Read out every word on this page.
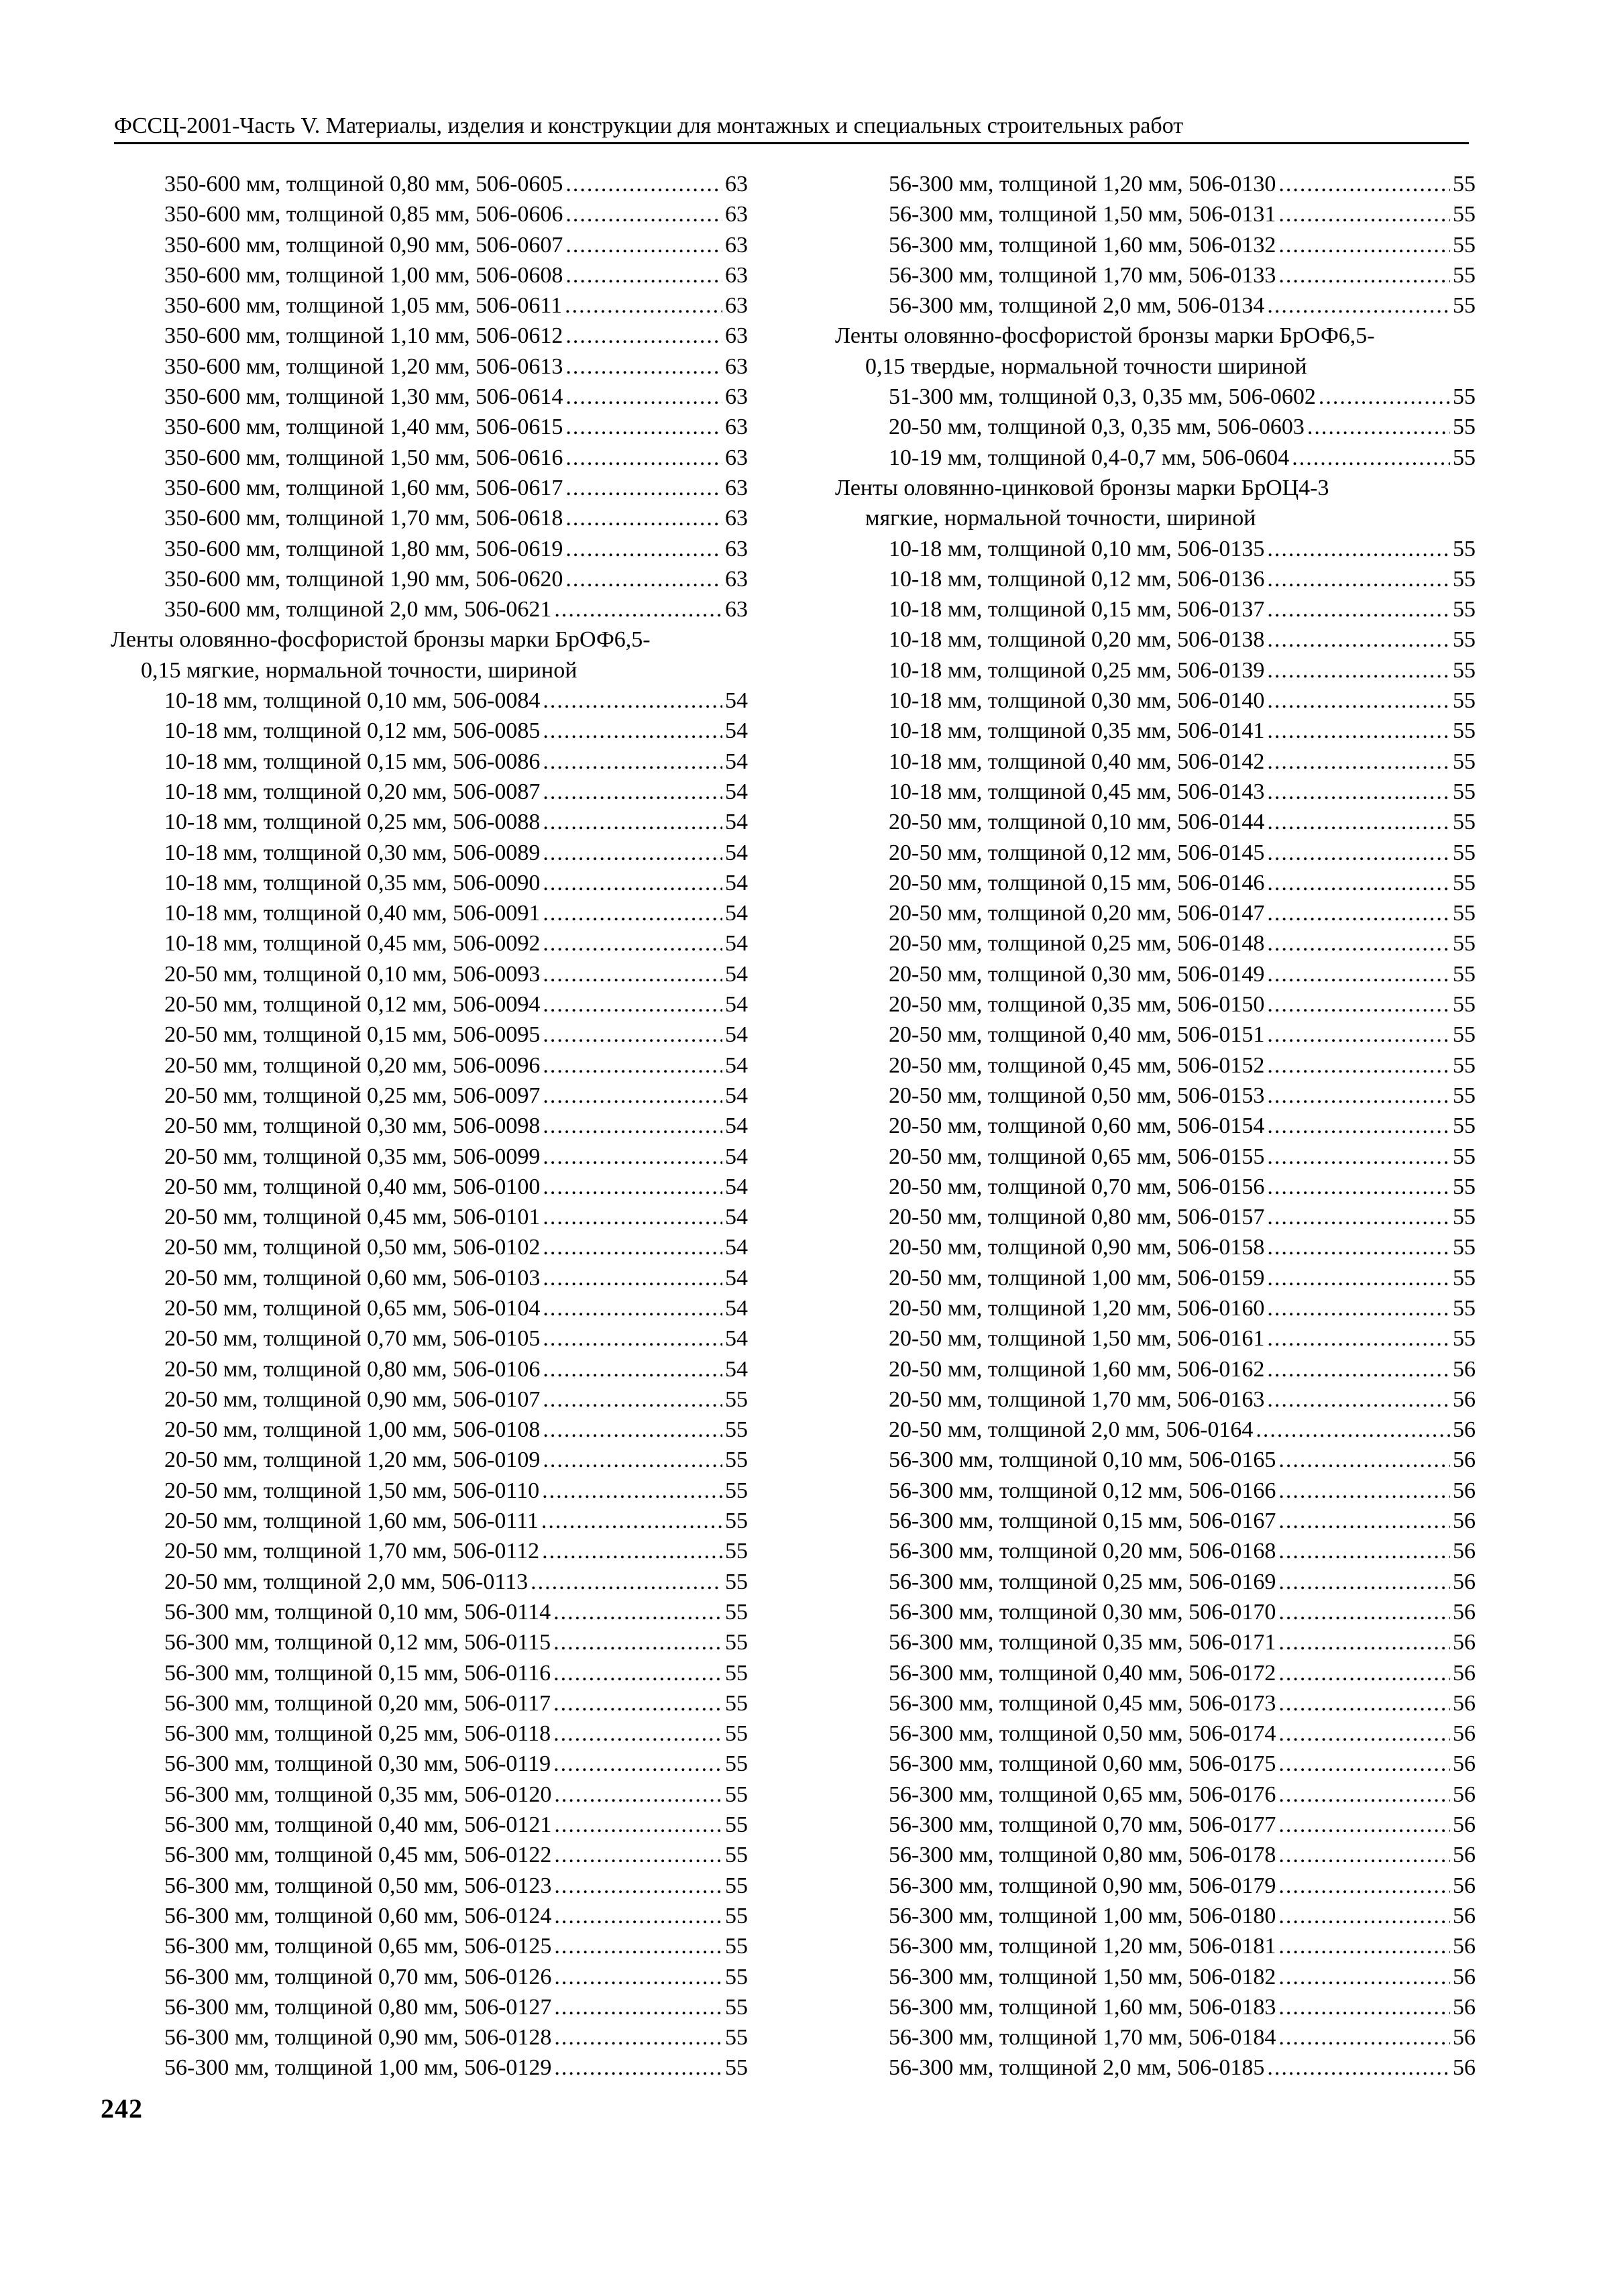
ФССЦ-2001-Часть V. Материалы, изделия и конструкции для монтажных и специальных строительных работ
350-600 мм, толщиной 0,80 мм, 506-0605 .....	63
350-600 мм, толщиной 0,85 мм, 506-0606 .....	63
350-600 мм, толщиной 0,90 мм, 506-0607 .....	63
350-600 мм, толщиной 1,00 мм, 506-0608 .....	63
350-600 мм, толщиной 1,05 мм, 506-0611 .....	63
350-600 мм, толщиной 1,10 мм, 506-0612 .....	63
350-600 мм, толщиной 1,20 мм, 506-0613 .....	63
350-600 мм, толщиной 1,30 мм, 506-0614 .....	63
350-600 мм, толщиной 1,40 мм, 506-0615 .....	63
350-600 мм, толщиной 1,50 мм, 506-0616 .....	63
350-600 мм, толщиной 1,60 мм, 506-0617 .....	63
350-600 мм, толщиной 1,70 мм, 506-0618 .....	63
350-600 мм, толщиной 1,80 мм, 506-0619 .....	63
350-600 мм, толщиной 1,90 мм, 506-0620 .....	63
350-600 мм, толщиной 2,0 мм, 506-0621 .....	63
Ленты оловянно-фосфористой бронзы марки БрОФ6,5-
0,15 мягкие, нормальной точности, шириной
10-18 мм, толщиной 0,10 мм, 506-0084 .....	54
10-18 мм, толщиной 0,12 мм, 506-0085 .....	54
10-18 мм, толщиной 0,15 мм, 506-0086 .....	54
10-18 мм, толщиной 0,20 мм, 506-0087 .....	54
10-18 мм, толщиной 0,25 мм, 506-0088 .....	54
10-18 мм, толщиной 0,30 мм, 506-0089 .....	54
10-18 мм, толщиной 0,35 мм, 506-0090 .....	54
10-18 мм, толщиной 0,40 мм, 506-0091 .....	54
10-18 мм, толщиной 0,45 мм, 506-0092 .....	54
20-50 мм, толщиной 0,10 мм, 506-0093 .....	54
20-50 мм, толщиной 0,12 мм, 506-0094 .....	54
20-50 мм, толщиной 0,15 мм, 506-0095 .....	54
20-50 мм, толщиной 0,20 мм, 506-0096 .....	54
20-50 мм, толщиной 0,25 мм, 506-0097 .....	54
20-50 мм, толщиной 0,30 мм, 506-0098 .....	54
20-50 мм, толщиной 0,35 мм, 506-0099 .....	54
20-50 мм, толщиной 0,40 мм, 506-0100 .....	54
20-50 мм, толщиной 0,45 мм, 506-0101 .....	54
20-50 мм, толщиной 0,50 мм, 506-0102 .....	54
20-50 мм, толщиной 0,60 мм, 506-0103 .....	54
20-50 мм, толщиной 0,65 мм, 506-0104 .....	54
20-50 мм, толщиной 0,70 мм, 506-0105 .....	54
20-50 мм, толщиной 0,80 мм, 506-0106 .....	54
20-50 мм, толщиной 0,90 мм, 506-0107 .....	55
20-50 мм, толщиной 1,00 мм, 506-0108 .....	55
20-50 мм, толщиной 1,20 мм, 506-0109 .....	55
20-50 мм, толщиной 1,50 мм, 506-0110 .....	55
20-50 мм, толщиной 1,60 мм, 506-0111 .....	55
20-50 мм, толщиной 1,70 мм, 506-0112 .....	55
20-50 мм, толщиной 2,0 мм, 506-0113 .....	55
56-300 мм, толщиной 0,10 мм, 506-0114 .....	55
56-300 мм, толщиной 0,12 мм, 506-0115 .....	55
56-300 мм, толщиной 0,15 мм, 506-0116 .....	55
56-300 мм, толщиной 0,20 мм, 506-0117 .....	55
56-300 мм, толщиной 0,25 мм, 506-0118 .....	55
56-300 мм, толщиной 0,30 мм, 506-0119 .....	55
56-300 мм, толщиной 0,35 мм, 506-0120 .....	55
56-300 мм, толщиной 0,40 мм, 506-0121 .....	55
56-300 мм, толщиной 0,45 мм, 506-0122 .....	55
56-300 мм, толщиной 0,50 мм, 506-0123 .....	55
56-300 мм, толщиной 0,60 мм, 506-0124 .....	55
56-300 мм, толщиной 0,65 мм, 506-0125 .....	55
56-300 мм, толщиной 0,70 мм, 506-0126 .....	55
56-300 мм, толщиной 0,80 мм, 506-0127 .....	55
56-300 мм, толщиной 0,90 мм, 506-0128 .....	55
56-300 мм, толщиной 1,00 мм, 506-0129 .....	55
56-300 мм, толщиной 1,20 мм, 506-0130 .....	55
56-300 мм, толщиной 1,50 мм, 506-0131 .....	55
56-300 мм, толщиной 1,60 мм, 506-0132 .....	55
56-300 мм, толщиной 1,70 мм, 506-0133 .....	55
56-300 мм, толщиной 2,0 мм, 506-0134 .....	55
Ленты оловянно-фосфористой бронзы марки БрОФ6,5-
0,15 твердые, нормальной точности шириной
51-300 мм, толщиной 0,3, 0,35 мм, 506-0602 .....	55
20-50 мм, толщиной 0,3, 0,35 мм, 506-0603 .....	55
10-19 мм, толщиной 0,4-0,7 мм, 506-0604 .....	55
Ленты оловянно-цинковой бронзы марки БрОЦ4-3
мягкие, нормальной точности, шириной
10-18 мм, толщиной 0,10 мм, 506-0135 .....	55
10-18 мм, толщиной 0,12 мм, 506-0136 .....	55
10-18 мм, толщиной 0,15 мм, 506-0137 .....	55
10-18 мм, толщиной 0,20 мм, 506-0138 .....	55
10-18 мм, толщиной 0,25 мм, 506-0139 .....	55
10-18 мм, толщиной 0,30 мм, 506-0140 .....	55
10-18 мм, толщиной 0,35 мм, 506-0141 .....	55
10-18 мм, толщиной 0,40 мм, 506-0142 .....	55
10-18 мм, толщиной 0,45 мм, 506-0143 .....	55
20-50 мм, толщиной 0,10 мм, 506-0144 .....	55
20-50 мм, толщиной 0,12 мм, 506-0145 .....	55
20-50 мм, толщиной 0,15 мм, 506-0146 .....	55
20-50 мм, толщиной 0,20 мм, 506-0147 .....	55
20-50 мм, толщиной 0,25 мм, 506-0148 .....	55
20-50 мм, толщиной 0,30 мм, 506-0149 .....	55
20-50 мм, толщиной 0,35 мм, 506-0150 .....	55
20-50 мм, толщиной 0,40 мм, 506-0151 .....	55
20-50 мм, толщиной 0,45 мм, 506-0152 .....	55
20-50 мм, толщиной 0,50 мм, 506-0153 .....	55
20-50 мм, толщиной 0,60 мм, 506-0154 .....	55
20-50 мм, толщиной 0,65 мм, 506-0155 .....	55
20-50 мм, толщиной 0,70 мм, 506-0156 .....	55
20-50 мм, толщиной 0,80 мм, 506-0157 .....	55
20-50 мм, толщиной 0,90 мм, 506-0158 .....	55
20-50 мм, толщиной 1,00 мм, 506-0159 .....	55
20-50 мм, толщиной 1,20 мм, 506-0160 .....	55
20-50 мм, толщиной 1,50 мм, 506-0161 .....	55
20-50 мм, толщиной 1,60 мм, 506-0162 .....	56
20-50 мм, толщиной 1,70 мм, 506-0163 .....	56
20-50 мм, толщиной 2,0 мм, 506-0164 .....	56
56-300 мм, толщиной 0,10 мм, 506-0165 .....	56
56-300 мм, толщиной 0,12 мм, 506-0166 .....	56
56-300 мм, толщиной 0,15 мм, 506-0167 .....	56
56-300 мм, толщиной 0,20 мм, 506-0168 .....	56
56-300 мм, толщиной 0,25 мм, 506-0169 .....	56
56-300 мм, толщиной 0,30 мм, 506-0170 .....	56
56-300 мм, толщиной 0,35 мм, 506-0171 .....	56
56-300 мм, толщиной 0,40 мм, 506-0172 .....	56
56-300 мм, толщиной 0,45 мм, 506-0173 .....	56
56-300 мм, толщиной 0,50 мм, 506-0174 .....	56
56-300 мм, толщиной 0,60 мм, 506-0175 .....	56
56-300 мм, толщиной 0,65 мм, 506-0176 .....	56
56-300 мм, толщиной 0,70 мм, 506-0177 .....	56
56-300 мм, толщиной 0,80 мм, 506-0178 .....	56
56-300 мм, толщиной 0,90 мм, 506-0179 .....	56
56-300 мм, толщиной 1,00 мм, 506-0180 .....	56
56-300 мм, толщиной 1,20 мм, 506-0181 .....	56
56-300 мм, толщиной 1,50 мм, 506-0182 .....	56
56-300 мм, толщиной 1,60 мм, 506-0183 .....	56
56-300 мм, толщиной 1,70 мм, 506-0184 .....	56
56-300 мм, толщиной 2,0 мм, 506-0185 .....	56
242
